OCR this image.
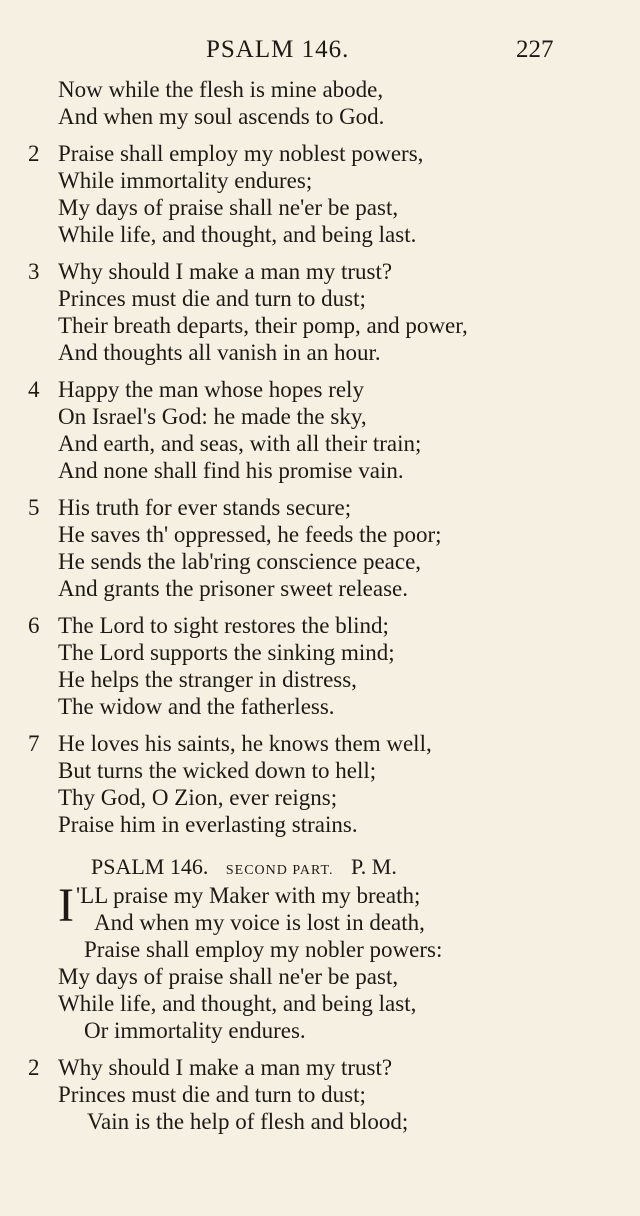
PSALM 146.	227
Now while the flesh is mine abode,
And when my soul ascends to God.
2 Praise shall employ my noblest powers,
While immortality endures;
My days of praise shall ne'er be past,
While life, and thought, and being last.
3 Why should I make a man my trust?
Princes must die and turn to dust;
Their breath departs, their pomp, and power,
And thoughts all vanish in an hour.
4 Happy the man whose hopes rely
On Israel's God: he made the sky,
And earth, and seas, with all their train;
And none shall find his promise vain.
5 His truth for ever stands secure;
He saves th' oppressed, he feeds the poor;
He sends the lab'ring conscience peace,
And grants the prisoner sweet release.
6 The Lord to sight restores the blind;
The Lord supports the sinking mind;
He helps the stranger in distress,
The widow and the fatherless.
7 He loves his saints, he knows them well,
But turns the wicked down to hell;
Thy God, O Zion, ever reigns;
Praise him in everlasting strains.
PSALM 146. SECOND PART. P. M.
I 'LL praise my Maker with my breath;
And when my voice is lost in death,
Praise shall employ my nobler powers:
My days of praise shall ne'er be past,
While life, and thought, and being last,
Or immortality endures.
2 Why should I make a man my trust?
Princes must die and turn to dust;
Vain is the help of flesh and blood;
